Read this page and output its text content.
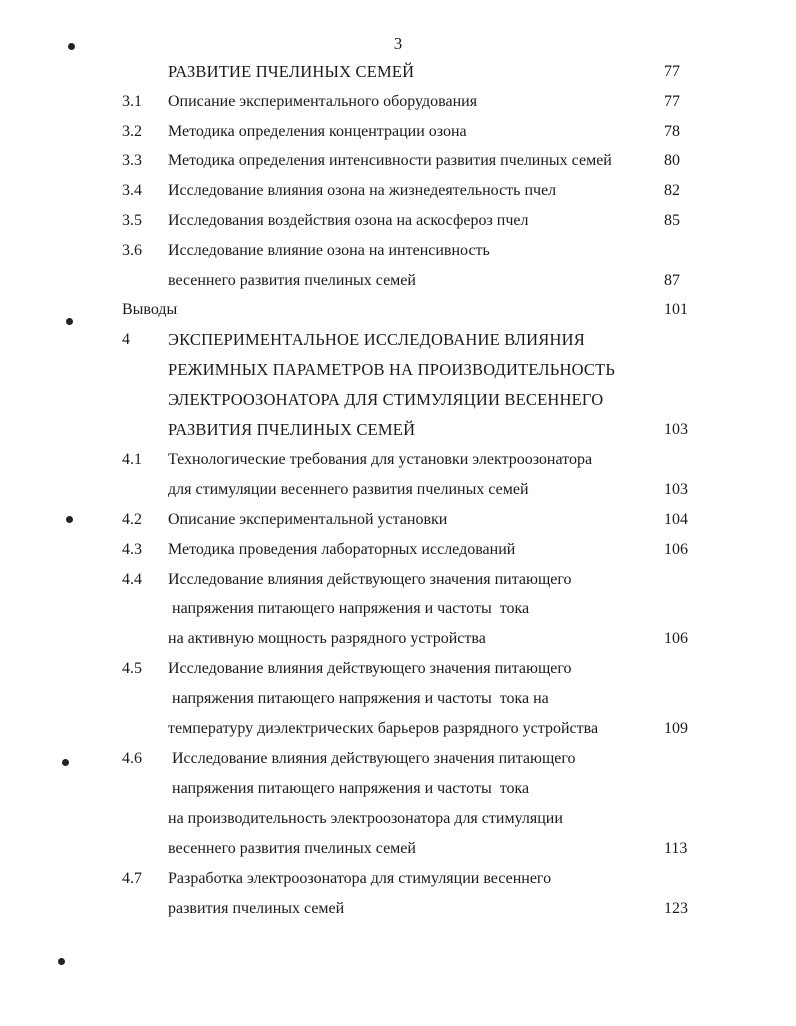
3
РАЗВИТИЕ ПЧЕЛИНЫХ СЕМЕЙ	77
3.1 Описание экспериментального оборудования	77
3.2 Методика определения концентрации озона	78
3.3 Методика определения интенсивности развития пчелиных семей	80
3.4 Исследование влияния озона на жизнедеятельность пчел	82
3.5 Исследования воздействия озона на аскосфероз пчел	85
3.6 Исследование влияние озона на интенсивность
весеннего развития пчелиных семей	87
Выводы	101
4 ЭКСПЕРИМЕНТАЛЬНОЕ ИССЛЕДОВАНИЕ ВЛИЯНИЯ
РЕЖИМНЫХ ПАРАМЕТРОВ НА ПРОИЗВОДИТЕЛЬНОСТЬ
ЭЛЕКТРООЗОНАТОРА ДЛЯ СТИМУЛЯЦИИ ВЕСЕННЕГО
РАЗВИТИЯ ПЧЕЛИНЫХ СЕМЕЙ	103
4.1 Технологические требования для установки электроозонатора
для стимуляции весеннего развития пчелиных семей	103
4.2 Описание экспериментальной установки	104
4.3 Методика проведения лабораторных исследований	106
4.4 Исследование влияния действующего значения питающего
напряжения питающего напряжения и частоты  тока
на активную мощность разрядного устройства	106
4.5 Исследование влияния действующего значения питающего
напряжения питающего напряжения и частоты  тока на
температуру диэлектрических барьеров разрядного устройства	109
4.6 Исследование влияния действующего значения питающего
напряжения питающего напряжения и частоты  тока
на производительность электроозонатора для стимуляции
весеннего развития пчелиных семей	113
4.7 Разработка электроозонатора для стимуляции весеннего
развития пчелиных семей	123
